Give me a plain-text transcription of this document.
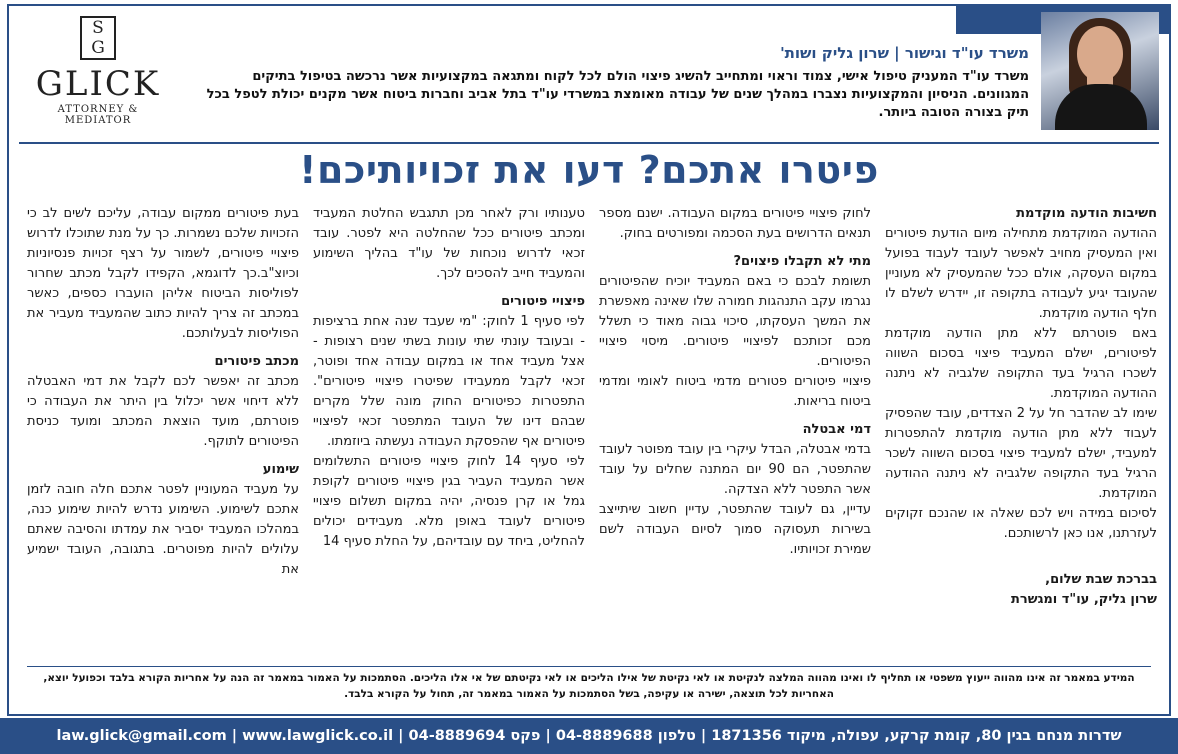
משרד עו"ד וגישור | שרון גליק ושות'
משרד עו"ד המעניק טיפול אישי, צמוד וראוי ומתחייב להשיג פיצוי הולם לכל לקוח ומתגאה במקצועיות אשר נרכשה בטיפול בתיקים המגוונים. הניסיון והמקצועיות נצברו במהלך שנים של עבודה מאומצת במשרדי עו"ד בתל אביב וחברות ביטוח אשר מקנים יכולת לטפל בכל תיק בצורה הטובה ביותר.
S
G
GLICK
ATTORNEY & MEDIATOR
פיטרו אתכם? דעו את זכויותיכם!

בעת פיטורים ממקום עבודה, עליכם לשים לב כי הזכויות שלכם נשמרות. כך על מנת שתוכלו לדרוש פיצויי פיטורים, לשמור על רצף זכויות פנסיוניות וכיוצ"ב.כך לדוגמא, הקפידו לקבל מכתב שחרור לפוליסות הביטוח אליהן הועברו כספים, כאשר במכתב זה צריך להיות כתוב שהמעביד מעביר את הפוליסות לבעלותכם.

מכתב פיטורים

מכתב זה יאפשר לכם לקבל את דמי האבטלה ללא דיחוי אשר יכלול בין היתר את העבודה כי פוטרתם, מועד הוצאת המכתב ומועד כניסת הפיטורים לתוקף.

שימוע

על מעביד המעוניין לפטר אתכם חלה חובה לזמן אתכם לשימוע. השימוע נדרש להיות שימוע כנה, במהלכו המעביד יסביר את עמדתו והסיבה שאתם עלולים להיות מפוטרים. בתגובה, העובד ישמיע את

טענותיו ורק לאחר מכן תתגבש החלטת המעביד ומכתב פיטורים ככל שהחלטה היא לפטר. עובד זכאי לדרוש נוכחות של עו"ד בהליך השימוע והמעביד חייב להסכים לכך.

פיצויי פיטורים

לפי סעיף 1 לחוק: "מי שעבד שנה אחת ברציפות - ובעובד עונתי שתי עונות בשתי שנים רצופות - אצל מעביד אחד או במקום עבודה אחד ופוטר, זכאי לקבל ממעבידו שפיטרו פיצויי פיטורים". התפטרות כפיטורים החוק מונה שלל מקרים שבהם דינו של העובד המתפטר זכאי לפיצויי פיטורים אף שהפסקת העבודה נעשתה ביוזמתו.

לפי סעיף 14 לחוק פיצויי פיטורים התשלומים אשר המעביד העביר בגין פיצויי פיטורים לקופת גמל או קרן פנסיה, יהיה במקום תשלום פיצויי פיטורים לעובד באופן מלא. מעבידים יכולים להחליט, ביחד עם עובדיהם, על החלת סעיף 14

לחוק פיצויי פיטורים במקום העבודה. ישנם מספר תנאים הדרושים בעת הסכמה ומפורטים בחוק.

מתי לא תקבלו פיצוים?

תשומת לבכם כי באם המעביד יוכיח שהפיטורים נגרמו עקב התנהגות חמורה שלו שאינה מאפשרת את המשך העסקתו, סיכוי גבוה מאוד כי תשלל מכם זכותכם לפיצויי פיטורים. מיסוי פיצויי הפיטורים.

פיצויי פיטורים פטורים מדמי ביטוח לאומי ומדמי ביטוח בריאות.

דמי אבטלה

בדמי אבטלה, הבדל עיקרי בין עובד מפוטר לעובד שהתפטר, הם 90 יום המתנה שחלים על עובד אשר התפטר ללא הצדקה.

עדיין, גם לעובד שהתפטר, עדיין חשוב שיתייצב בשירות תעסוקה סמוך לסיום העבודה לשם שמירת זכויותיו.

חשיבות הודעה מוקדמת

ההודעה המוקדמת מתחילה מיום הודעת פיטורים ואין המעסיק מחויב לאפשר לעובד לעבוד בפועל במקום העסקה, אולם ככל שהמעסיק לא מעוניין שהעובד יגיע לעבודה בתקופה זו, יידרש לשלם לו חלף הודעה מוקדמת.

באם פוטרתם ללא מתן הודעה מוקדמת לפיטורים, ישלם המעביד פיצוי בסכום השווה לשכרו הרגיל בעד התקופה שלגביה לא ניתנה ההודעה המוקדמת.

שימו לב שהדבר חל על 2 הצדדים, עובד שהפסיק לעבוד ללא מתן הודעה מוקדמת להתפטרות למעביד, ישלם למעביד פיצוי בסכום השווה לשכר הרגיל בעד התקופה שלגביה לא ניתנה ההודעה המוקדמת.

לסיכום במידה ויש לכם שאלה או שהנכם זקוקים לעזרתנו, אנו כאן לרשותכם.

בברכת שבת שלום,

שרון גליק, עו"ד ומגשרת

המידע במאמר זה אינו מהווה ייעוץ משפטי או תחליף לו ואינו מהווה המלצה לנקיטת או לאי נקיטת של אילו הליכים או לאי נקיטתם של אי אלו הליכים. הסתמכות על האמור במאמר זה הנה על אחריות הקורא בלבד וכפועל יוצא, האחריות לכל תוצאה, ישירה או עקיפה, בשל הסתמכות על האמור במאמר זה, תחול על הקורא בלבד.
שדרות מנחם בגין 80, קומת קרקע, עפולה, מיקוד 1871356 | טלפון 04-8889688 | פקס 04-8889694 | law.glick@gmail.com | www.lawglick.co.il
